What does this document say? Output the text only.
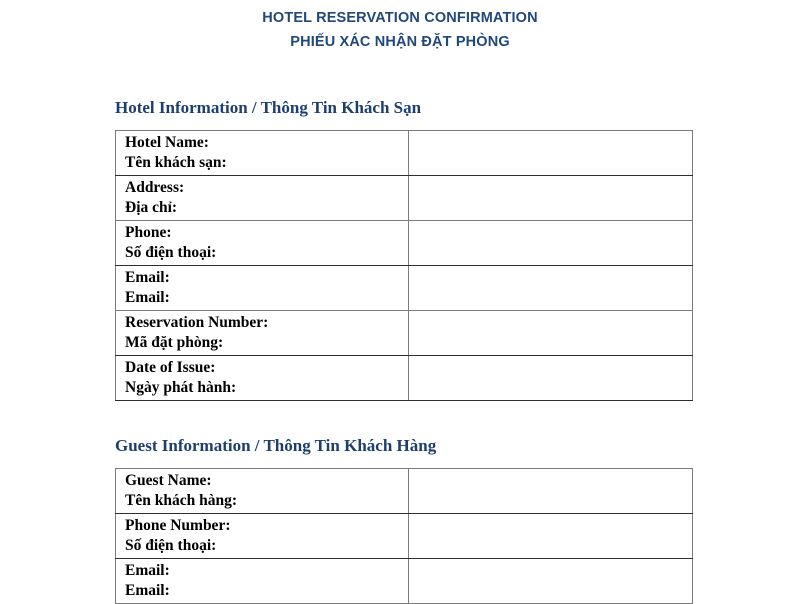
HOTEL RESERVATION CONFIRMATION
PHIẾU XÁC NHẬN ĐẶT PHÒNG
Hotel Information / Thông Tin Khách Sạn
Hotel Name:
Tên khách sạn:	

Address:
Địa chỉ:	

Phone:
Số điện thoại:	

Email:
Email:	

Reservation Number:
Mã đặt phòng:	

Date of Issue:
Ngày phát hành:	

Guest Information / Thông Tin Khách Hàng
Guest Name:
Tên khách hàng:	

Phone Number:
Số điện thoại:	

Email:
Email:	
